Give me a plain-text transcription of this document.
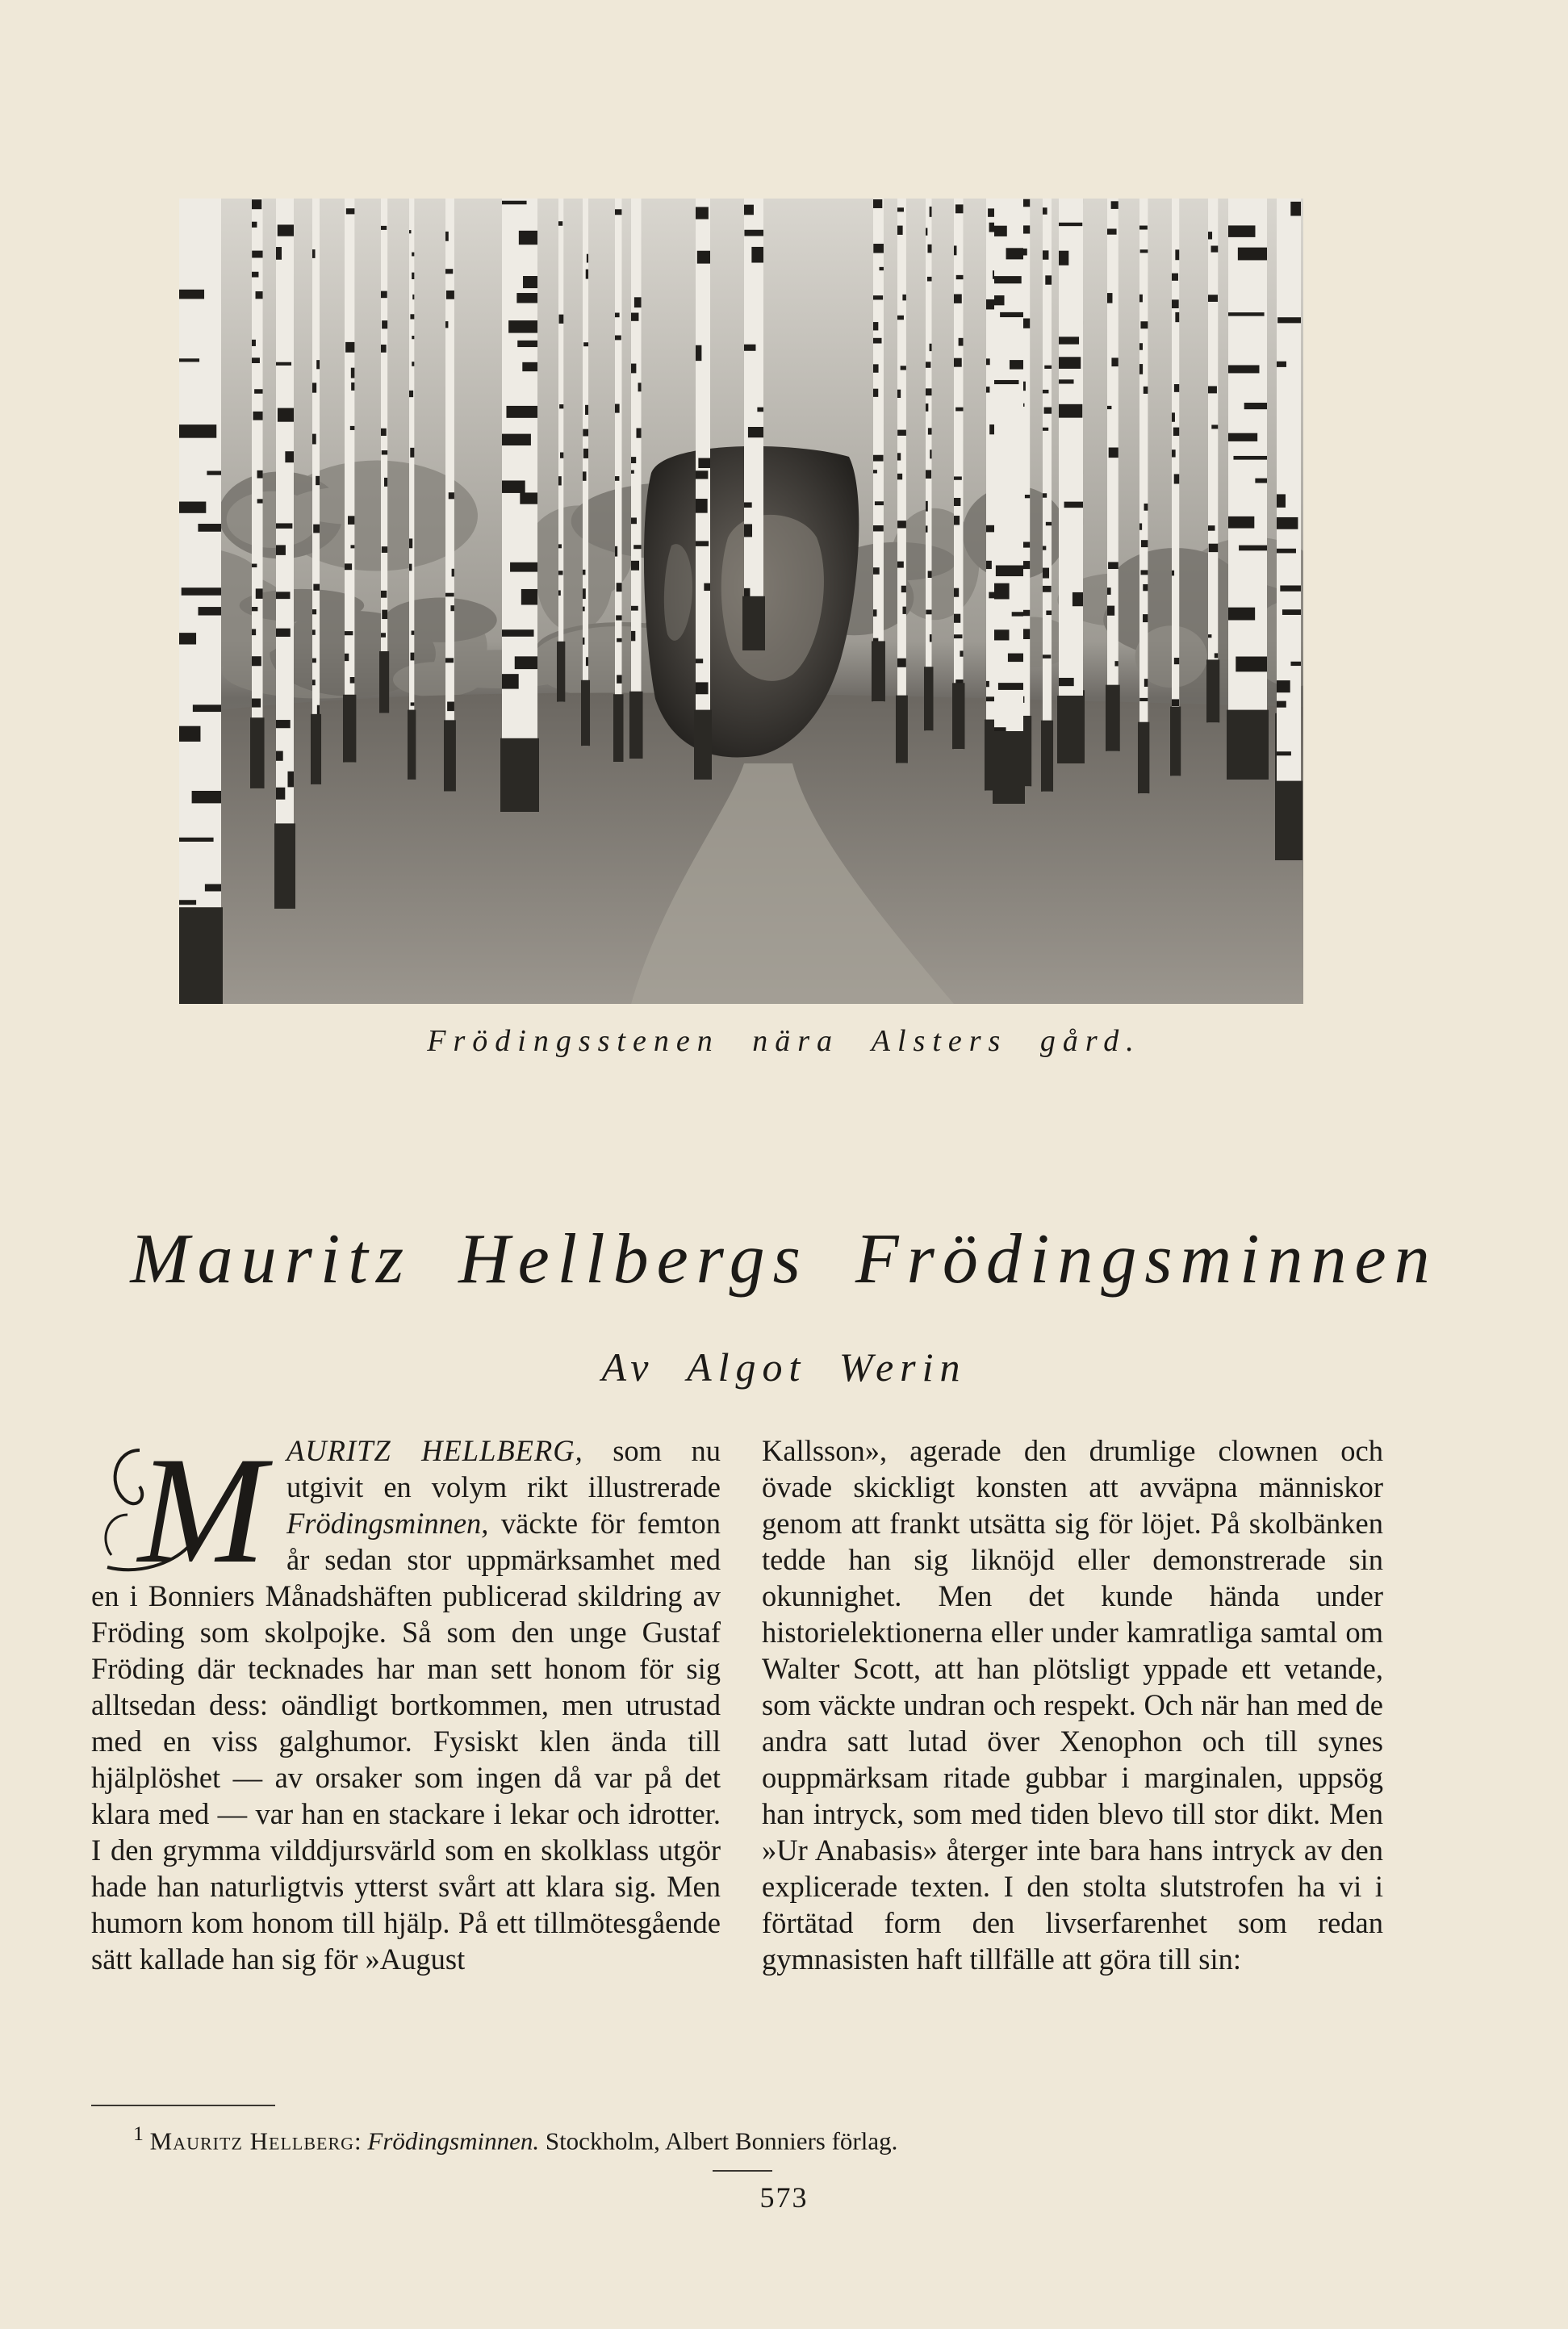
Frödingsstenen nära Alsters gård.
Mauritz Hellbergs Frödingsminnen
Av Algot Werin
M AURITZ HELLBERG, som nu utgivit en volym rikt illustrerade Frödingsminnen, väckte för femton år sedan stor uppmärksamhet med en i Bonniers Månadshäften publicerad skildring av Fröding som skolpojke. Så som den unge Gustaf Fröding där tecknades har man sett honom för sig alltsedan dess: oändligt bortkommen, men utrustad med en viss galghumor. Fysiskt klen ända till hjälplöshet — av orsaker som ingen då var på det klara med — var han en stackare i lekar och idrotter. I den grymma vilddjursvärld som en skolklass utgör hade han naturligtvis ytterst svårt att klara sig. Men humorn kom honom till hjälp. På ett tillmötesgående sätt kallade han sig för »August

Kallsson», agerade den drumlige clownen och övade skickligt konsten att avväpna människor genom att frankt utsätta sig för löjet. På skolbänken tedde han sig liknöjd eller demonstrerade sin okunnighet. Men det kunde hända under historielektionerna eller under kamratliga samtal om Walter Scott, att han plötsligt yppade ett vetande, som väckte undran och respekt. Och när han med de andra satt lutad över Xenophon och till synes ouppmärksam ritade gubbar i marginalen, uppsög han intryck, som med tiden blevo till stor dikt. Men »Ur Anabasis» återger inte bara hans intryck av den explicerade texten. I den stolta slutstrofen ha vi i förtätad form den livserfarenhet som redan gymnasisten haft tillfälle att göra till sin:

$^1$ Mauritz Hellberg: Frödingsminnen. Stockholm, Albert Bonniers förlag.
573
